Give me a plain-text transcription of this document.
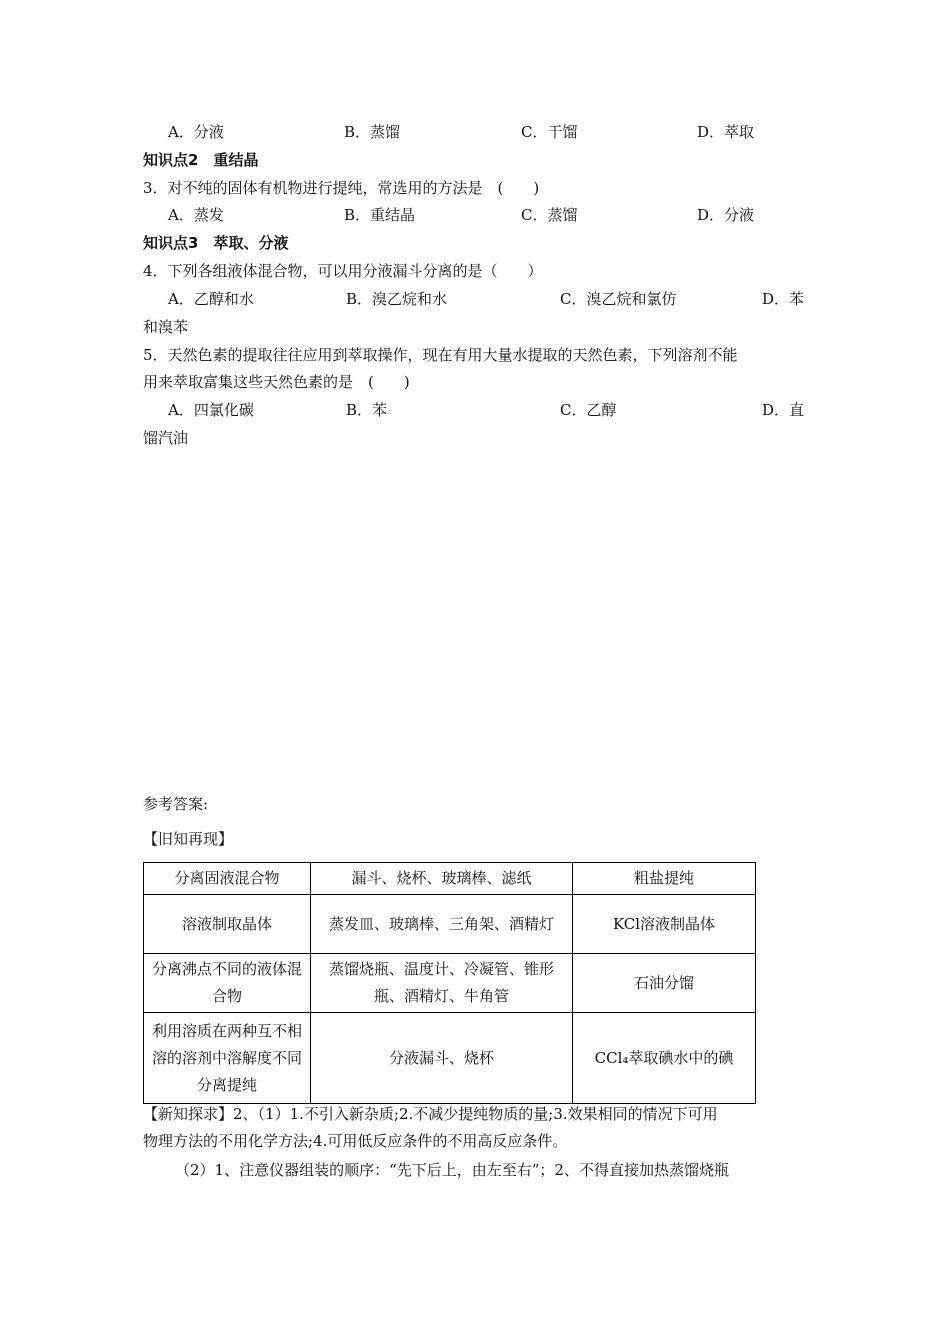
A．分液	B．蒸馏	C．干馏	D．萃取
知识点2　重结晶
3．对不纯的固体有机物进行提纯，常选用的方法是　(　　)
A．蒸发	B．重结晶	C．蒸馏	D．分液
知识点3　萃取、分液
4．下列各组液体混合物，可以用分液漏斗分离的是（　　）
A．乙醇和水	B．溴乙烷和水	C．溴乙烷和氯仿	D．苯
和溴苯
5．天然色素的提取往往应用到萃取操作，现在有用大量水提取的天然色素，下列溶剂不能
用来萃取富集这些天然色素的是　(　　)
A．四氯化碳	B．苯	C．乙醇	D．直
馏汽油
参考答案:
【旧知再现】
分离固液混合物	漏斗、烧杯、玻璃棒、滤纸	粗盐提纯
溶液制取晶体	蒸发皿、玻璃棒、三角架、酒精灯	KCl溶液制晶体
分离沸点不同的液体混合物	蒸馏烧瓶、温度计、冷凝管、锥形瓶、酒精灯、牛角管	石油分馏
利用溶质在两种互不相溶的溶剂中溶解度不同分离提纯	分液漏斗、烧杯	CCl₄萃取碘水中的碘
【新知探求】2、（1）1.不引入新杂质;2.不减少提纯物质的量;3.效果相同的情况下可用
物理方法的不用化学方法;4.可用低反应条件的不用高反应条件。
（2）1、注意仪器组装的顺序：“先下后上，由左至右”；2、不得直接加热蒸馏烧瓶
